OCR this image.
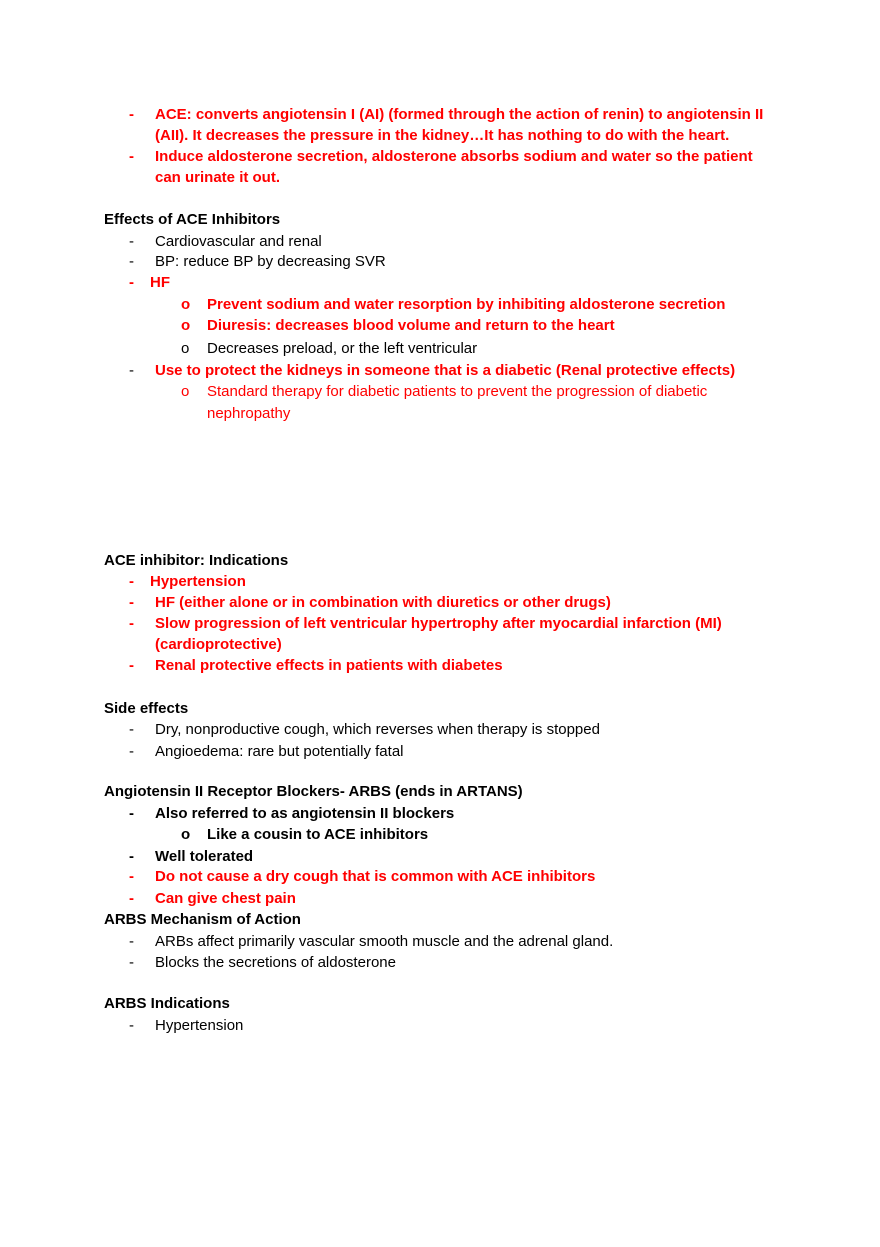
- ACE: converts angiotensin I (AI) (formed through the action of renin) to angiotensin II
(AII). It decreases the pressure in the kidney…It has nothing to do with the heart.
- Induce aldosterone secretion, aldosterone absorbs sodium and water so the patient
can urinate it out.
Effects of ACE Inhibitors
- Cardiovascular and renal
- BP: reduce BP by decreasing SVR
- HF
o Prevent sodium and water resorption by inhibiting aldosterone secretion
o Diuresis: decreases blood volume and return to the heart
o Decreases preload, or the left ventricular
- Use to protect the kidneys in someone that is a diabetic (Renal protective effects)
o Standard therapy for diabetic patients to prevent the progression of diabetic
nephropathy
ACE inhibitor: Indications
- Hypertension
- HF (either alone or in combination with diuretics or other drugs)
- Slow progression of left ventricular hypertrophy after myocardial infarction (MI)
(cardioprotective)
- Renal protective effects in patients with diabetes
Side effects
- Dry, nonproductive cough, which reverses when therapy is stopped
- Angioedema: rare but potentially fatal
Angiotensin II Receptor Blockers- ARBS (ends in ARTANS)
- Also referred to as angiotensin II blockers
o Like a cousin to ACE inhibitors
- Well tolerated
- Do not cause a dry cough that is common with ACE inhibitors
- Can give chest pain
ARBS Mechanism of Action
- ARBs affect primarily vascular smooth muscle and the adrenal gland.
- Blocks the secretions of aldosterone
ARBS Indications
- Hypertension
